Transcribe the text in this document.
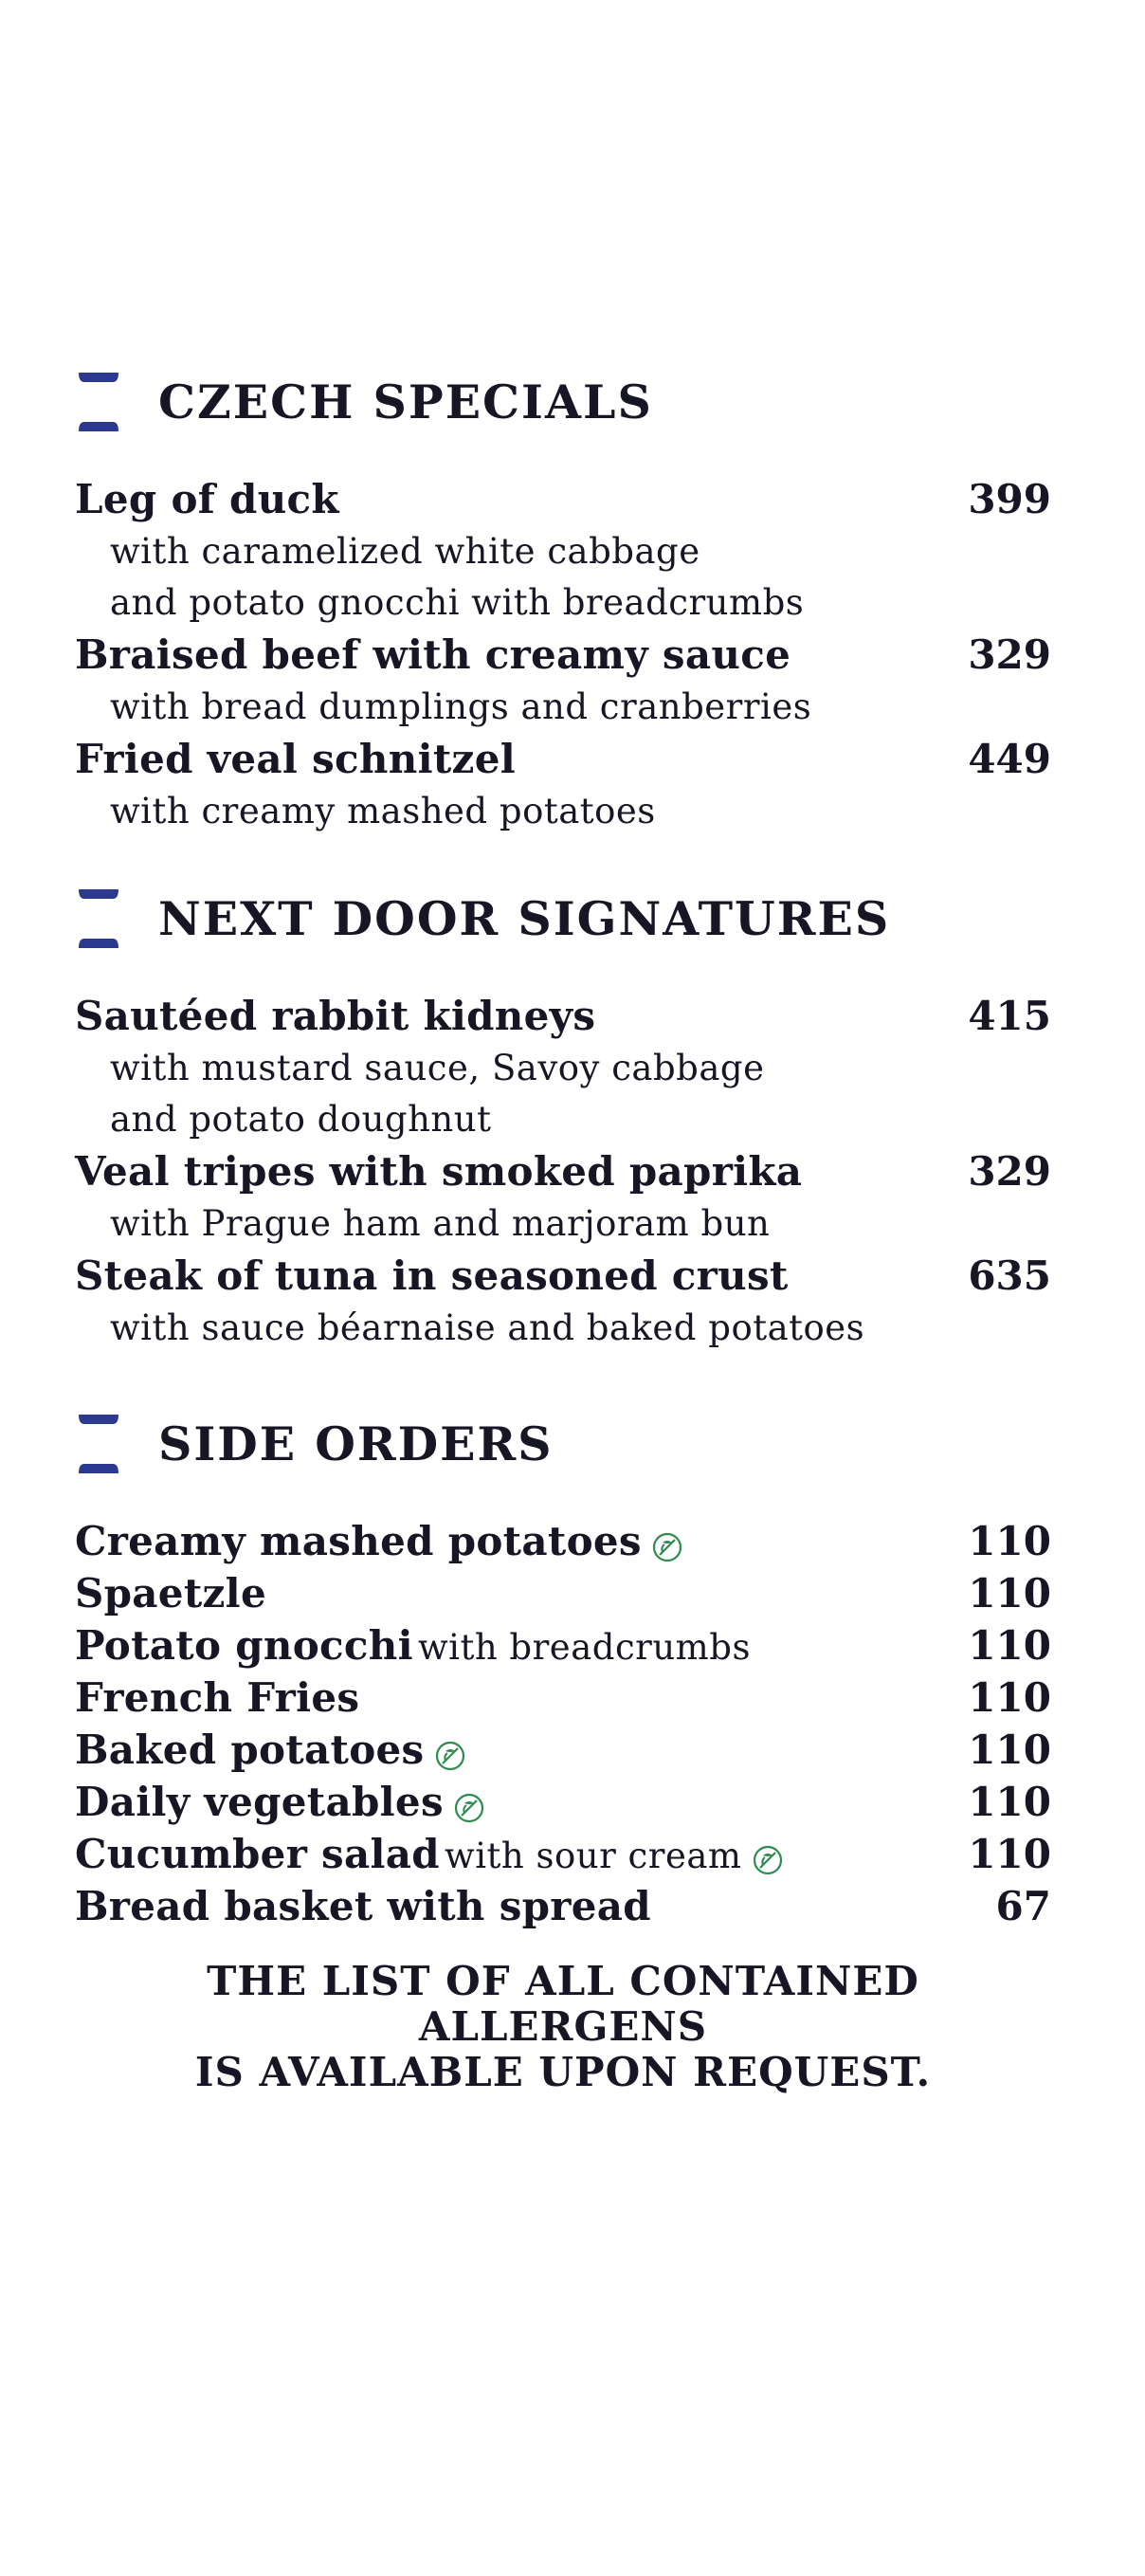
CZECH SPECIALS
Leg of duck	399
with caramelized white cabbage
and potato gnocchi with breadcrumbs
Braised beef with creamy sauce	329
with bread dumplings and cranberries
Fried veal schnitzel	449
with creamy mashed potatoes
NEXT DOOR SIGNATURES
Sautéed rabbit kidneys	415
with mustard sauce, Savoy cabbage
and potato doughnut
Veal tripes with smoked paprika	329
with Prague ham and marjoram bun
Steak of tuna in seasoned crust	635
with sauce béarnaise and baked potatoes
SIDE ORDERS
Creamy mashed potatoes	110
Spaetzle	110
Potato gnocchi with breadcrumbs	110
French Fries	110
Baked potatoes	110
Daily vegetables	110
Cucumber salad with sour cream	110
Bread basket with spread	67
THE LIST OF ALL CONTAINED ALLERGENS
IS AVAILABLE UPON REQUEST.
